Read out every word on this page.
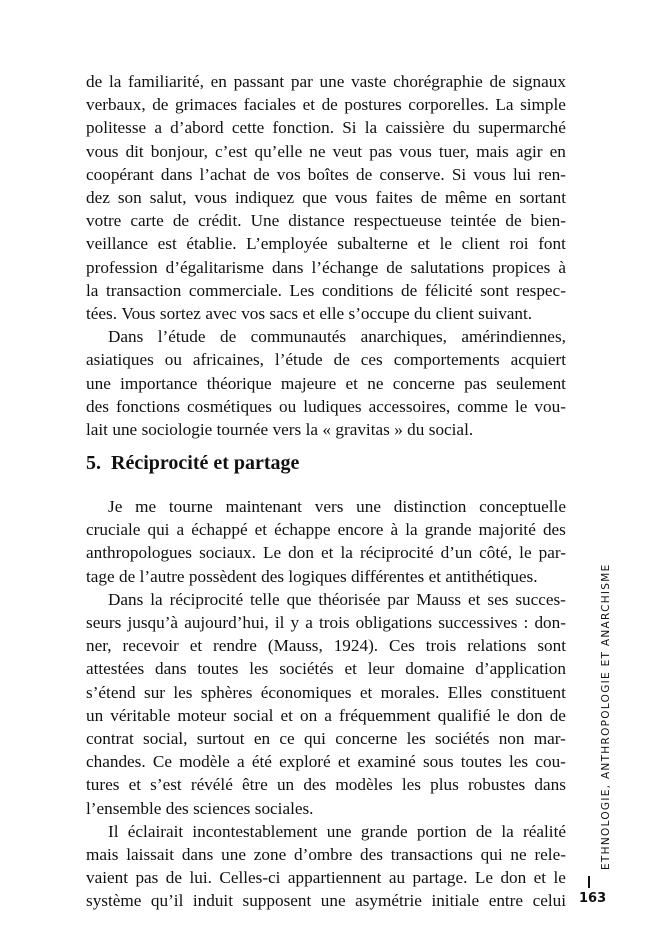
de la familiarité, en passant par une vaste chorégraphie de signaux
verbaux, de grimaces faciales et de postures corporelles. La simple
politesse a d’abord cette fonction. Si la caissière du supermarché
vous dit bonjour, c’est qu’elle ne veut pas vous tuer, mais agir en
coopérant dans l’achat de vos boîtes de conserve. Si vous lui ren-
dez son salut, vous indiquez que vous faites de même en sortant
votre carte de crédit. Une distance respectueuse teintée de bien-
veillance est établie. L’employée subalterne et le client roi font
profession d’égalitarisme dans l’échange de salutations propices à
la transaction commerciale. Les conditions de félicité sont respec-
tées. Vous sortez avec vos sacs et elle s’occupe du client suivant.
Dans l’étude de communautés anarchiques, amérindiennes,
asiatiques ou africaines, l’étude de ces comportements acquiert
une importance théorique majeure et ne concerne pas seulement
des fonctions cosmétiques ou ludiques accessoires, comme le vou-
lait une sociologie tournée vers la « gravitas » du social.
5. Réciprocité et partage
Je me tourne maintenant vers une distinction conceptuelle
cruciale qui a échappé et échappe encore à la grande majorité des
anthropologues sociaux. Le don et la réciprocité d’un côté, le par-
tage de l’autre possèdent des logiques différentes et antithétiques.
Dans la réciprocité telle que théorisée par Mauss et ses succes-
seurs jusqu’à aujourd’hui, il y a trois obligations successives : don-
ner, recevoir et rendre (Mauss, 1924). Ces trois relations sont
attestées dans toutes les sociétés et leur domaine d’application
s’étend sur les sphères économiques et morales. Elles constituent
un véritable moteur social et on a fréquemment qualifié le don de
contrat social, surtout en ce qui concerne les sociétés non mar-
chandes. Ce modèle a été exploré et examiné sous toutes les cou-
tures et s’est révélé être un des modèles les plus robustes dans
l’ensemble des sciences sociales.
Il éclairait incontestablement une grande portion de la réalité
mais laissait dans une zone d’ombre des transactions qui ne rele-
vaient pas de lui. Celles-ci appartiennent au partage. Le don et le
système qu’il induit supposent une asymétrie initiale entre celui
ETHNOLOGIE, ANTHROPOLOGIE ET ANARCHISME
163
